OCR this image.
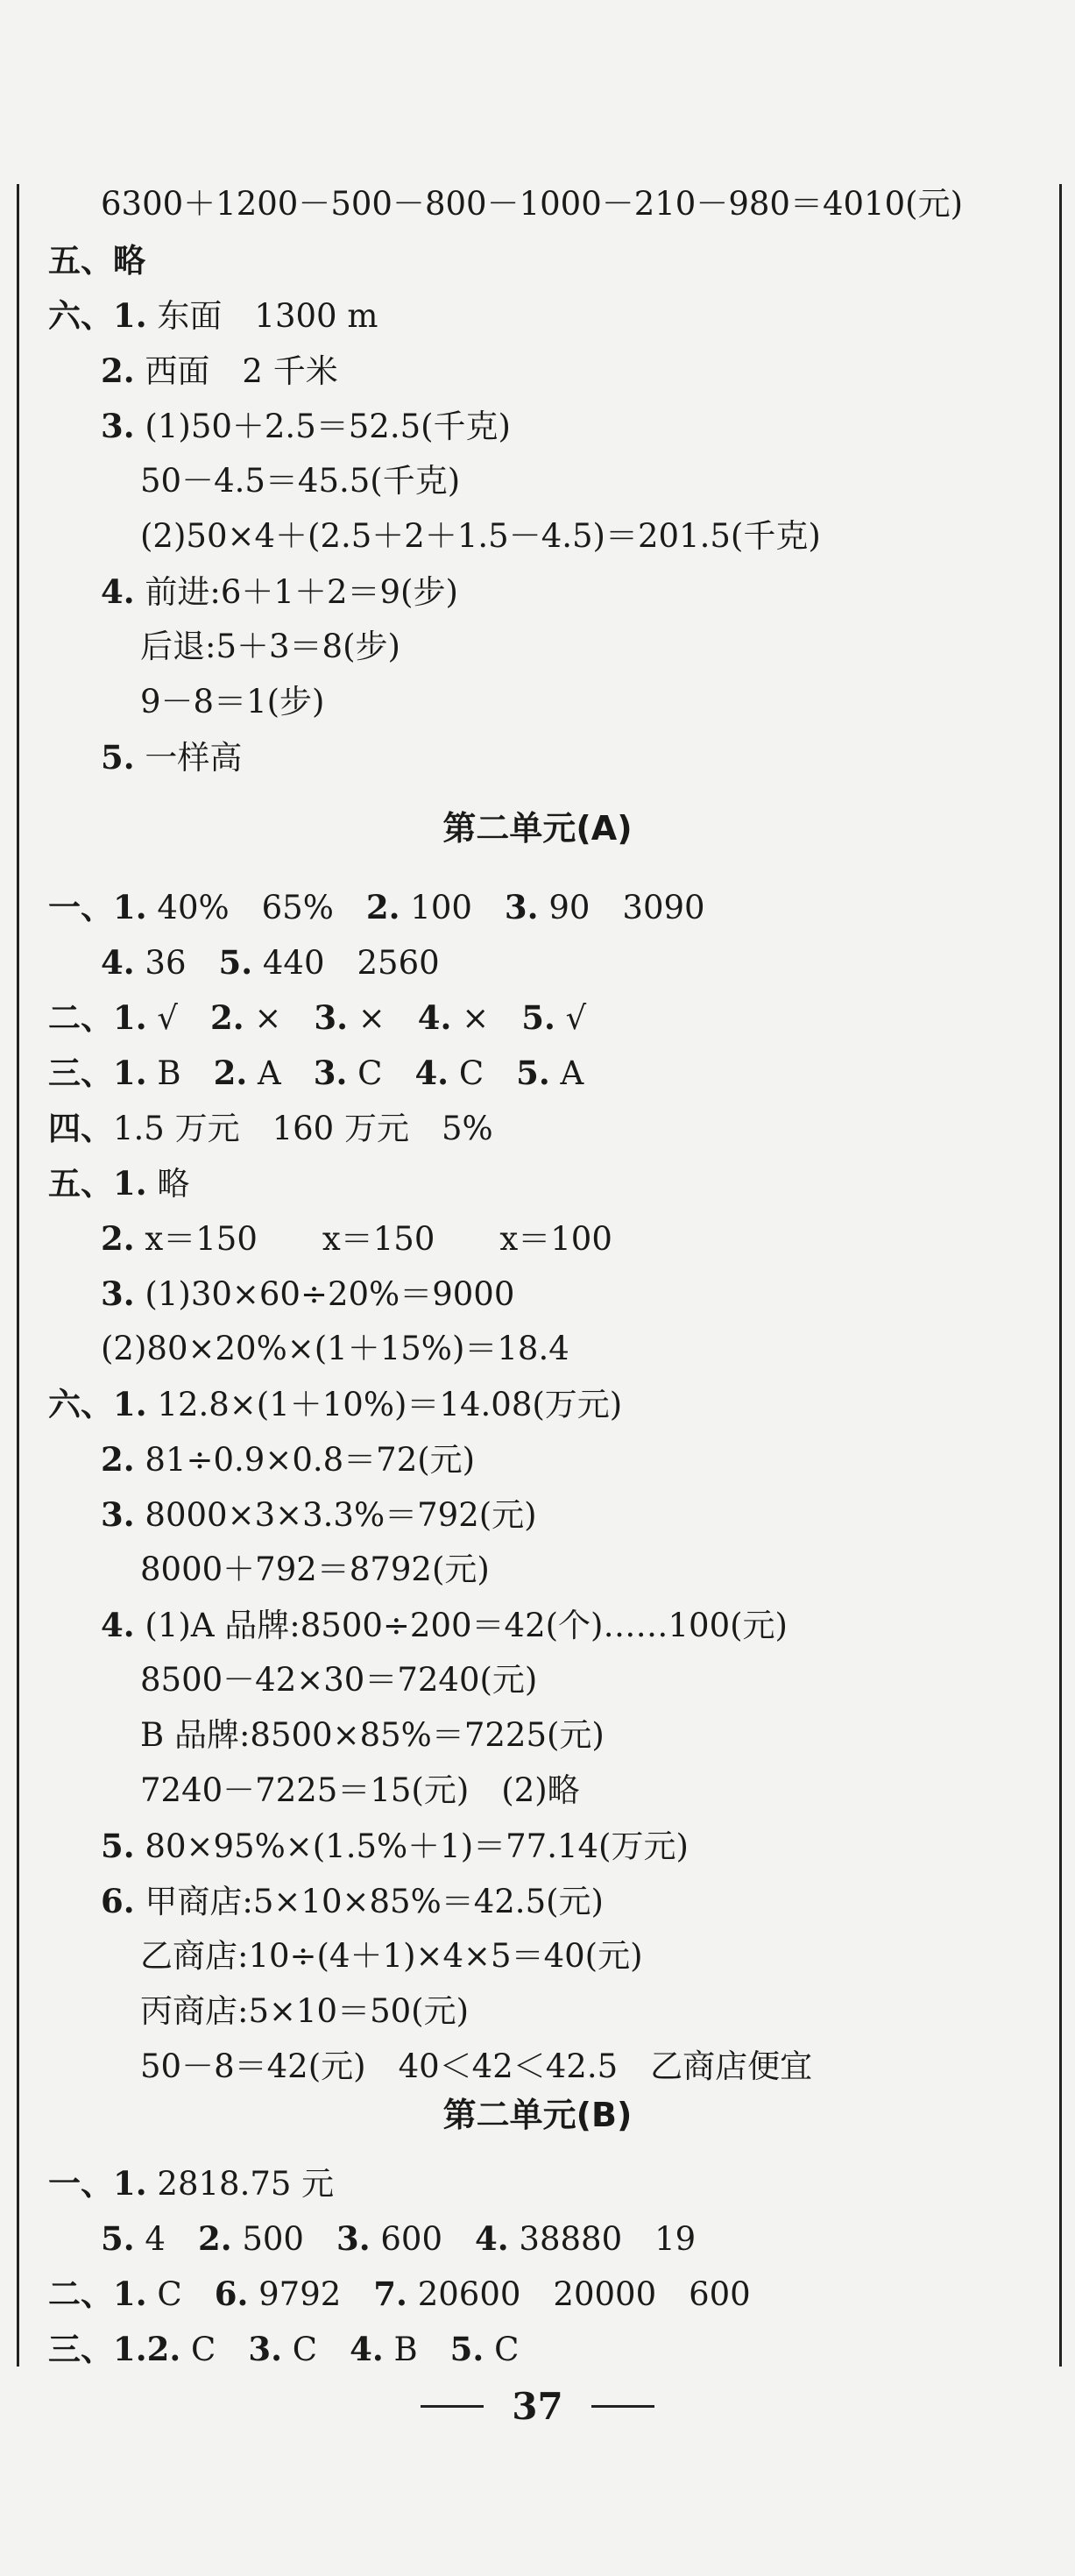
6300＋1200－500－800－1000－210－980＝4010(元)
五、略
六、1. 东面　1300 m
2. 西面　2 千米
3. (1)50＋2.5＝52.5(千克)
50－4.5＝45.5(千克)
(2)50×4＋(2.5＋2＋1.5－4.5)＝201.5(千克)
4. 前进:6＋1＋2＝9(步)
后退:5＋3＝8(步)
9－8＝1(步)
5. 一样高
一、1. 40%　65%　2. 100　3. 90　3090
4. 36　5. 440　2560
二、1. √　2. ×　3. ×　4. ×　5. √
三、1. B　2. A　3. C　4. C　5. A
四、1.5 万元　160 万元　5%
五、1. 略
2. x＝150　　x＝150　　x＝100
3. (1)30×60÷20%＝9000
(2)80×20%×(1＋15%)＝18.4
六、1. 12.8×(1＋10%)＝14.08(万元)
2. 81÷0.9×0.8＝72(元)
3. 8000×3×3.3%＝792(元)
8000＋792＝8792(元)
4. (1)A 品牌:8500÷200＝42(个)……100(元)
8500－42×30＝7240(元)
B 品牌:8500×85%＝7225(元)
7240－7225＝15(元)　(2)略
5. 80×95%×(1.5%＋1)＝77.14(万元)
6. 甲商店:5×10×85%＝42.5(元)
乙商店:10÷(4＋1)×4×5＝40(元)
丙商店:5×10＝50(元)
50－8＝42(元)　40＜42＜42.5　乙商店便宜
一、1. 2818.75 元　
5. 4　2. 500　3. 600　4. 38880　19
二、1. C　6. 9792　7. 20600　20000　600
三、1.2. C　3. C　4. B　5. C
第二单元(A)
第二单元(B)
37
